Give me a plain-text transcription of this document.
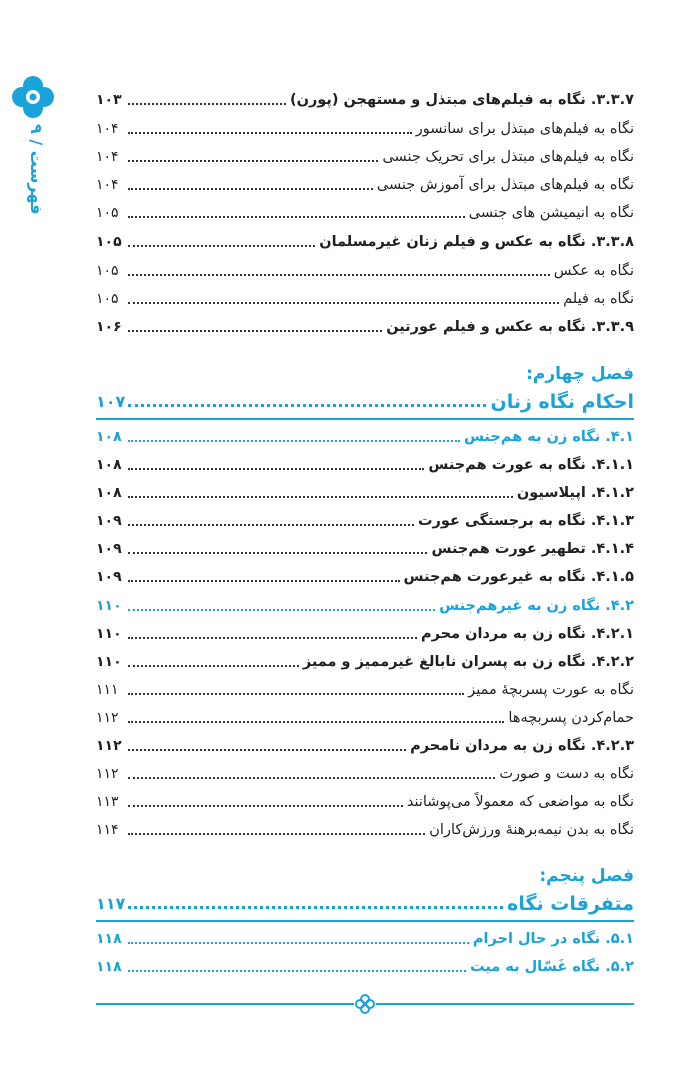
فهرست / ۹
۱۰۳	۳.۳.۷. نگاه به فیلم‌های مبتذل و مستهجن (پورن)
۱۰۴	نگاه به فیلم‌های مبتذل برای سانسور
۱۰۴	نگاه به فیلم‌های مبتذل برای تحریک جنسی
۱۰۴	نگاه به فیلم‌های مبتذل برای آموزش جنسی
۱۰۵	نگاه به انیمیشن های جنسی
۱۰۵	۳.۳.۸. نگاه به عکس و فیلم زنان غیرمسلمان
۱۰۵	نگاه به عکس
۱۰۵	نگاه به فیلم
۱۰۶	۳.۳.۹. نگاه به عکس و فیلم عورتین
فصل چهارم:
۱۰۷	احکام نگاه زنان
۱۰۸	۴.۱. نگاه زن به هم‌جنس
۱۰۸	۴.۱.۱. نگاه به عورت هم‌جنس
۱۰۸	۴.۱.۲. اپیلاسیون
۱۰۹	۴.۱.۳. نگاه به برجستگی عورت
۱۰۹	۴.۱.۴. تطهیر عورت هم‌جنس
۱۰۹	۴.۱.۵. نگاه به غیرعورت هم‌جنس
۱۱۰	۴.۲. نگاه زن به غیرهم‌جنس
۱۱۰	۴.۲.۱. نگاه زن به مردان محرم
۱۱۰	۴.۲.۲. نگاه زن به پسران نابالغ غیرممیز و ممیز
۱۱۱	نگاه به عورت پسربچهٔ ممیز
۱۱۲	حمام‌کردن پسربچه‌ها
۱۱۲	۴.۲.۳. نگاه زن به مردان نامحرم
۱۱۲	نگاه به دست و صورت
۱۱۳	نگاه به مواضعی که معمولاً می‌پوشانند
۱۱۴	نگاه به بدن نیمه‌برهنهٔ ورزش‌کاران
فصل پنجم:
۱۱۷	متفرقات نگاه
۱۱۸	۵.۱. نگاه در حال احرام
۱۱۸	۵.۲. نگاه غَسّال به میت
